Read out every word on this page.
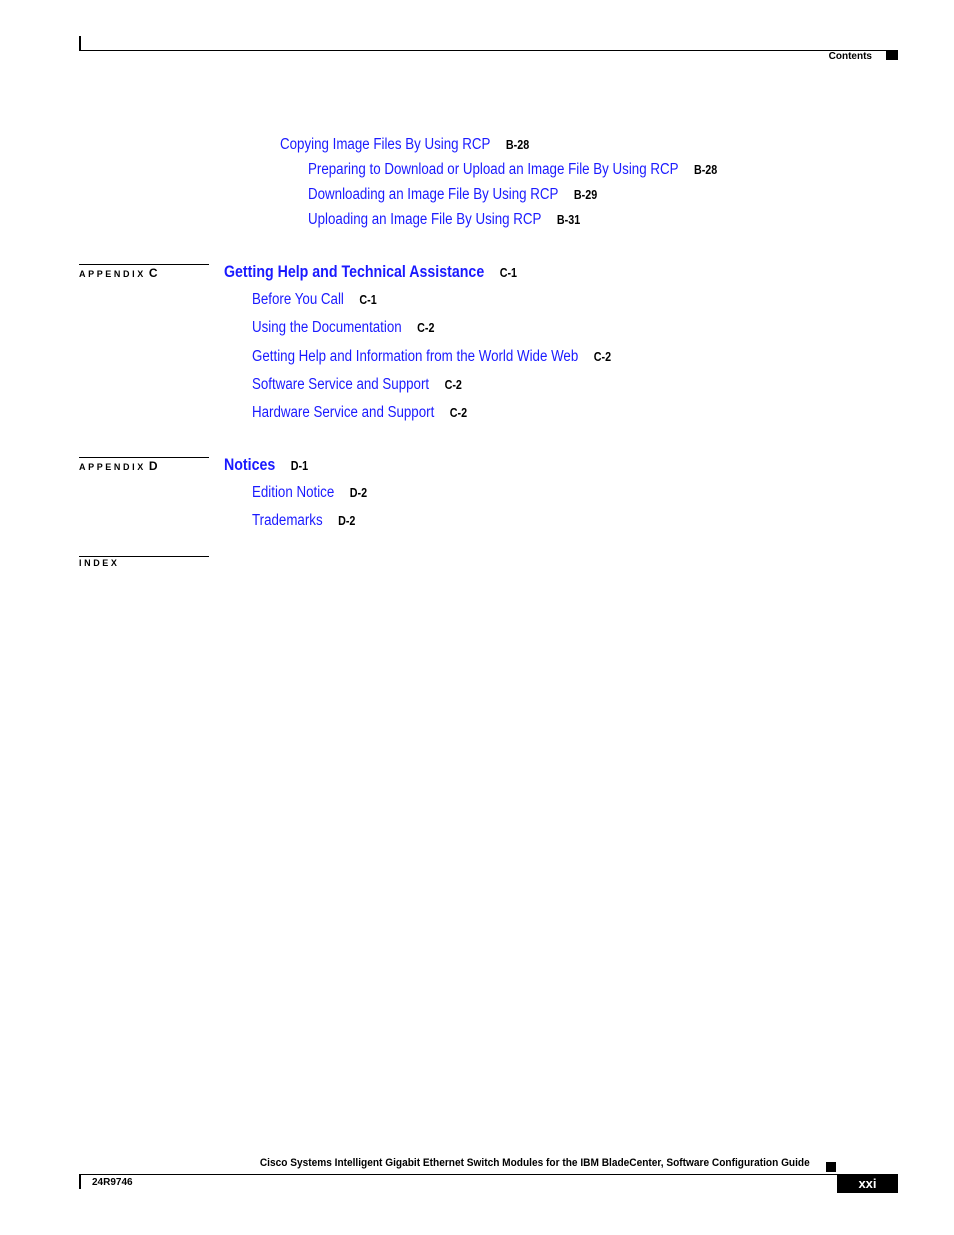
Contents
Copying Image Files By Using RCP B-28
Preparing to Download or Upload an Image File By Using RCP B-28
Downloading an Image File By Using RCP B-29
Uploading an Image File By Using RCP B-31
APPENDIX C	Getting Help and Technical Assistance C-1
Before You Call C-1
Using the Documentation C-2
Getting Help and Information from the World Wide Web C-2
Software Service and Support C-2
Hardware Service and Support C-2
APPENDIX D	Notices D-1
Edition Notice D-2
Trademarks D-2
INDEX
Cisco Systems Intelligent Gigabit Ethernet Switch Modules for the IBM BladeCenter, Software Configuration Guide
24R9746	xxi
